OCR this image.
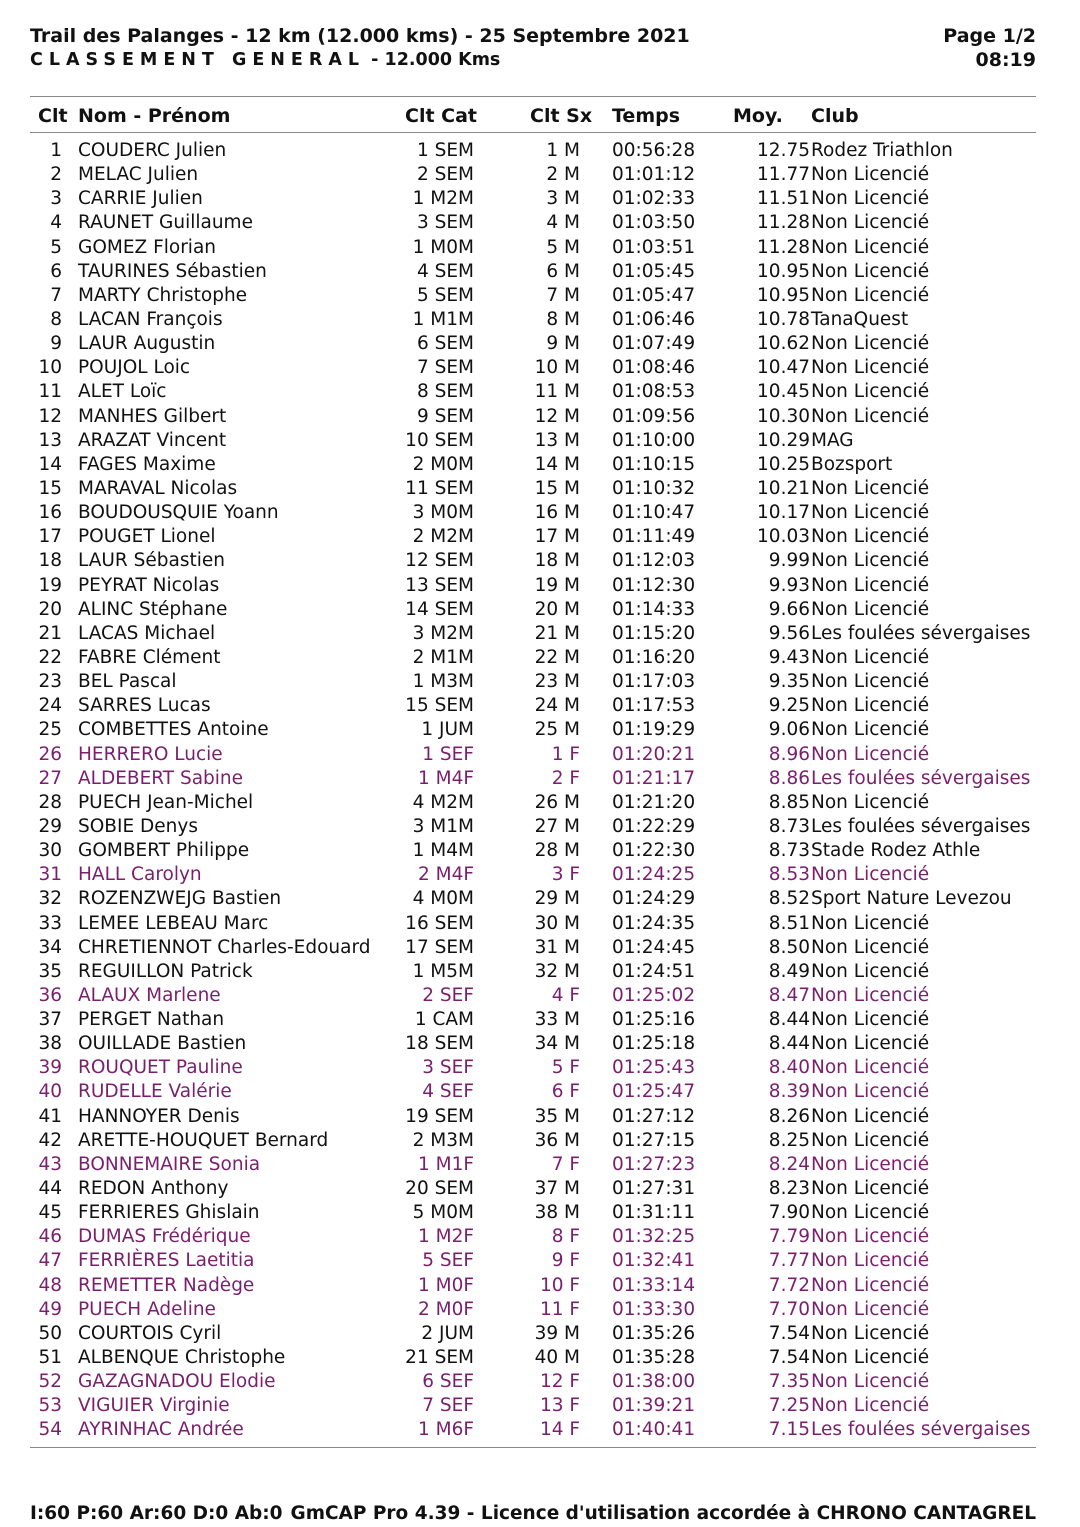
Trail des Palanges - 12 km (12.000 kms) - 25 Septembre 2021
CLASSEMENT GENERAL - 12.000 Kms
Page 1/2
08:19
Clt Nom - Prénom	Clt Cat	Clt Sx Temps	Moy. Club
1 COUDERC Julien	1 SEM	1 M 00:56:28	12.75 Rodez Triathlon
2 MELAC Julien	2 SEM	2 M 01:01:12	11.77 Non Licencié
3 CARRIE Julien	1 M2M	3 M 01:02:33	11.51 Non Licencié
4 RAUNET Guillaume	3 SEM	4 M 01:03:50	11.28 Non Licencié
5 GOMEZ Florian	1 M0M	5 M 01:03:51	11.28 Non Licencié
6 TAURINES Sébastien	4 SEM	6 M 01:05:45	10.95 Non Licencié
7 MARTY Christophe	5 SEM	7 M 01:05:47	10.95 Non Licencié
8 LACAN François	1 M1M	8 M 01:06:46	10.78 TanaQuest
9 LAUR Augustin	6 SEM	9 M 01:07:49	10.62 Non Licencié
10 POUJOL Loic	7 SEM	10 M 01:08:46	10.47 Non Licencié
11 ALET Loïc	8 SEM	11 M 01:08:53	10.45 Non Licencié
12 MANHES Gilbert	9 SEM	12 M 01:09:56	10.30 Non Licencié
13 ARAZAT Vincent	10 SEM	13 M 01:10:00	10.29 MAG
14 FAGES Maxime	2 M0M	14 M 01:10:15	10.25 Bozsport
15 MARAVAL Nicolas	11 SEM	15 M 01:10:32	10.21 Non Licencié
16 BOUDOUSQUIE Yoann	3 M0M	16 M 01:10:47	10.17 Non Licencié
17 POUGET Lionel	2 M2M	17 M 01:11:49	10.03 Non Licencié
18 LAUR Sébastien	12 SEM	18 M 01:12:03	9.99 Non Licencié
19 PEYRAT Nicolas	13 SEM	19 M 01:12:30	9.93 Non Licencié
20 ALINC Stéphane	14 SEM	20 M 01:14:33	9.66 Non Licencié
21 LACAS Michael	3 M2M	21 M 01:15:20	9.56 Les foulées sévergaises
22 FABRE Clément	2 M1M	22 M 01:16:20	9.43 Non Licencié
23 BEL Pascal	1 M3M	23 M 01:17:03	9.35 Non Licencié
24 SARRES Lucas	15 SEM	24 M 01:17:53	9.25 Non Licencié
25 COMBETTES Antoine	1 JUM	25 M 01:19:29	9.06 Non Licencié
26 HERRERO Lucie	1 SEF	1 F 01:20:21	8.96 Non Licencié
27 ALDEBERT Sabine	1 M4F	2 F 01:21:17	8.86 Les foulées sévergaises
28 PUECH Jean-Michel	4 M2M	26 M 01:21:20	8.85 Non Licencié
29 SOBIE Denys	3 M1M	27 M 01:22:29	8.73 Les foulées sévergaises
30 GOMBERT Philippe	1 M4M	28 M 01:22:30	8.73 Stade Rodez Athle
31 HALL Carolyn	2 M4F	3 F 01:24:25	8.53 Non Licencié
32 ROZENZWEJG Bastien	4 M0M	29 M 01:24:29	8.52 Sport Nature Levezou
33 LEMEE LEBEAU Marc	16 SEM	30 M 01:24:35	8.51 Non Licencié
34 CHRETIENNOT Charles-Edouard	17 SEM	31 M 01:24:45	8.50 Non Licencié
35 REGUILLON Patrick	1 M5M	32 M 01:24:51	8.49 Non Licencié
36 ALAUX Marlene	2 SEF	4 F 01:25:02	8.47 Non Licencié
37 PERGET Nathan	1 CAM	33 M 01:25:16	8.44 Non Licencié
38 OUILLADE Bastien	18 SEM	34 M 01:25:18	8.44 Non Licencié
39 ROUQUET Pauline	3 SEF	5 F 01:25:43	8.40 Non Licencié
40 RUDELLE Valérie	4 SEF	6 F 01:25:47	8.39 Non Licencié
41 HANNOYER Denis	19 SEM	35 M 01:27:12	8.26 Non Licencié
42 ARETTE-HOUQUET Bernard	2 M3M	36 M 01:27:15	8.25 Non Licencié
43 BONNEMAIRE Sonia	1 M1F	7 F 01:27:23	8.24 Non Licencié
44 REDON Anthony	20 SEM	37 M 01:27:31	8.23 Non Licencié
45 FERRIERES Ghislain	5 M0M	38 M 01:31:11	7.90 Non Licencié
46 DUMAS Frédérique	1 M2F	8 F 01:32:25	7.79 Non Licencié
47 FERRIÈRES Laetitia	5 SEF	9 F 01:32:41	7.77 Non Licencié
48 REMETTER Nadège	1 M0F	10 F 01:33:14	7.72 Non Licencié
49 PUECH Adeline	2 M0F	11 F 01:33:30	7.70 Non Licencié
50 COURTOIS Cyril	2 JUM	39 M 01:35:26	7.54 Non Licencié
51 ALBENQUE Christophe	21 SEM	40 M 01:35:28	7.54 Non Licencié
52 GAZAGNADOU Elodie	6 SEF	12 F 01:38:00	7.35 Non Licencié
53 VIGUIER Virginie	7 SEF	13 F 01:39:21	7.25 Non Licencié
54 AYRINHAC Andrée	1 M6F	14 F 01:40:41	7.15 Les foulées sévergaises
I:60 P:60 Ar:60 D:0 Ab:0 GmCAP Pro 4.39 - Licence d'utilisation accordée à CHRONO CANTAGREL
